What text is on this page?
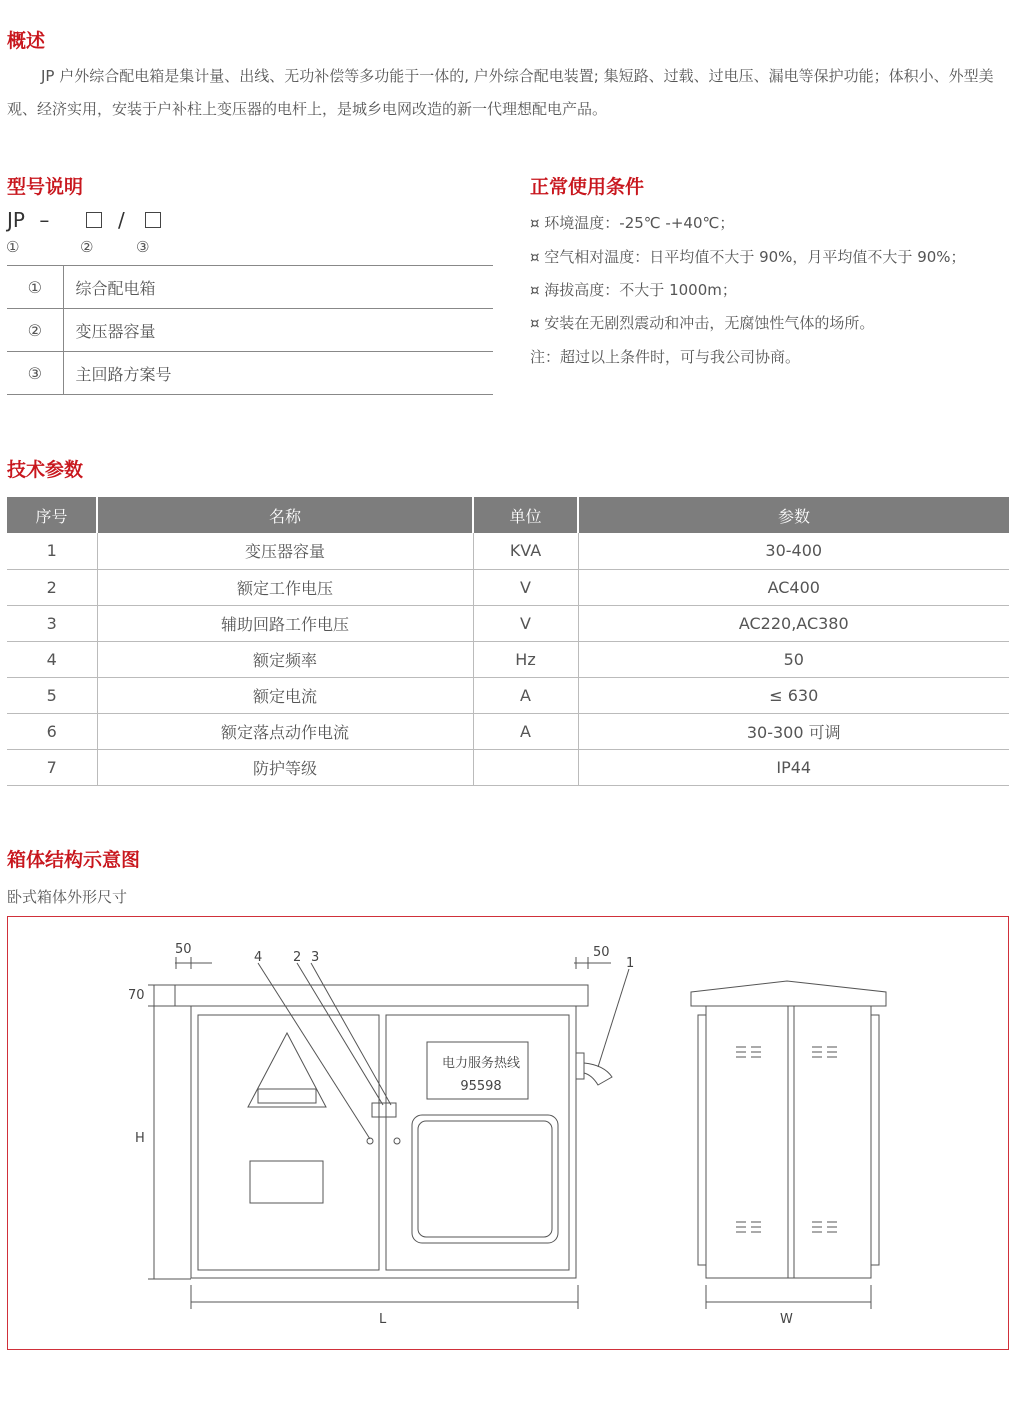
概述
JP 户外综合配电箱是集计量、出线、无功补偿等多功能于一体的, 户外综合配电装置; 集短路、过载、过电压、漏电等保护功能；体积小、外型美观、经济实用，安装于户补柱上变压器的电杆上，是城乡电网改造的新一代理想配电产品。
型号说明
JP –	/
①	②	③
①	综合配电箱
②	变压器容量
③	主回路方案号
正常使用条件
¤ 环境温度：-25℃ -+40℃；
¤ 空气相对温度：日平均值不大于 90%，月平均值不大于 90%；
¤ 海拔高度：不大于 1000m；
¤ 安装在无剧烈震动和冲击，无腐蚀性气体的场所。
注：超过以上条件时，可与我公司协商。
技术参数
序号	名称	单位	参数
1	变压器容量	KVA	30-400
2	额定工作电压	V	AC400
3	辅助回路工作电压	V	AC220,AC380
4	额定频率	Hz	50
5	额定电流	A	≤ 630
6	额定落点动作电流	A	30-300 可调
7	防护等级		IP44
箱体结构示意图
卧式箱体外形尺寸
50	50
70
H
L	W
4 2 3	1
电力服务热线
95598
